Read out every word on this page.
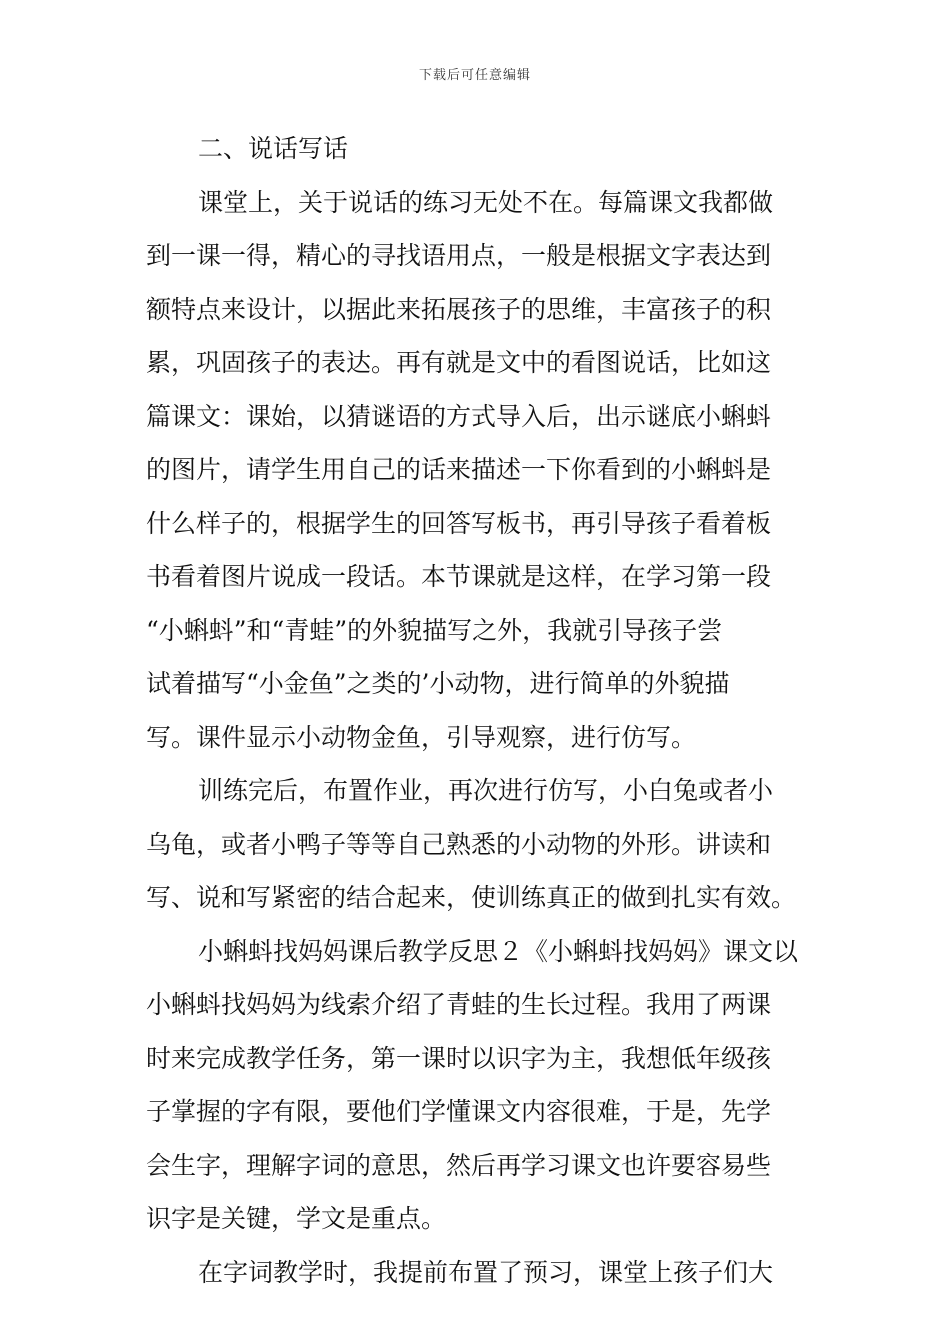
下载后可任意编辑
二、说话写话
课堂上，关于说话的练习无处不在。每篇课文我都做
到一课一得，精心的寻找语用点，一般是根据文字表达到
额特点来设计，以据此来拓展孩子的思维，丰富孩子的积
累，巩固孩子的表达。再有就是文中的看图说话，比如这
篇课文：课始，以猜谜语的方式导入后，出示谜底小蝌蚪
的图片，请学生用自己的话来描述一下你看到的小蝌蚪是
什么样子的，根据学生的回答写板书，再引导孩子看着板
书看着图片说成一段话。本节课就是这样，在学习第一段
“小蝌蚪”和“青蛙”的外貌描写之外，我就引导孩子尝
试着描写“小金鱼”之类的’小动物，进行简单的外貌描
写。课件显示小动物金鱼，引导观察，进行仿写。
训练完后，布置作业，再次进行仿写，小白兔或者小
乌龟，或者小鸭子等等自己熟悉的小动物的外形。讲读和
写、说和写紧密的结合起来，使训练真正的做到扎实有效。
小蝌蚪找妈妈课后教学反思２《小蝌蚪找妈妈》课文以
小蝌蚪找妈妈为线索介绍了青蛙的生长过程。我用了两课
时来完成教学任务，第一课时以识字为主，我想低年级孩
子掌握的字有限，要他们学懂课文内容很难，于是，先学
会生字，理解字词的意思，然后再学习课文也许要容易些
识字是关键，学文是重点。
在字词教学时，我提前布置了预习，课堂上孩子们大
